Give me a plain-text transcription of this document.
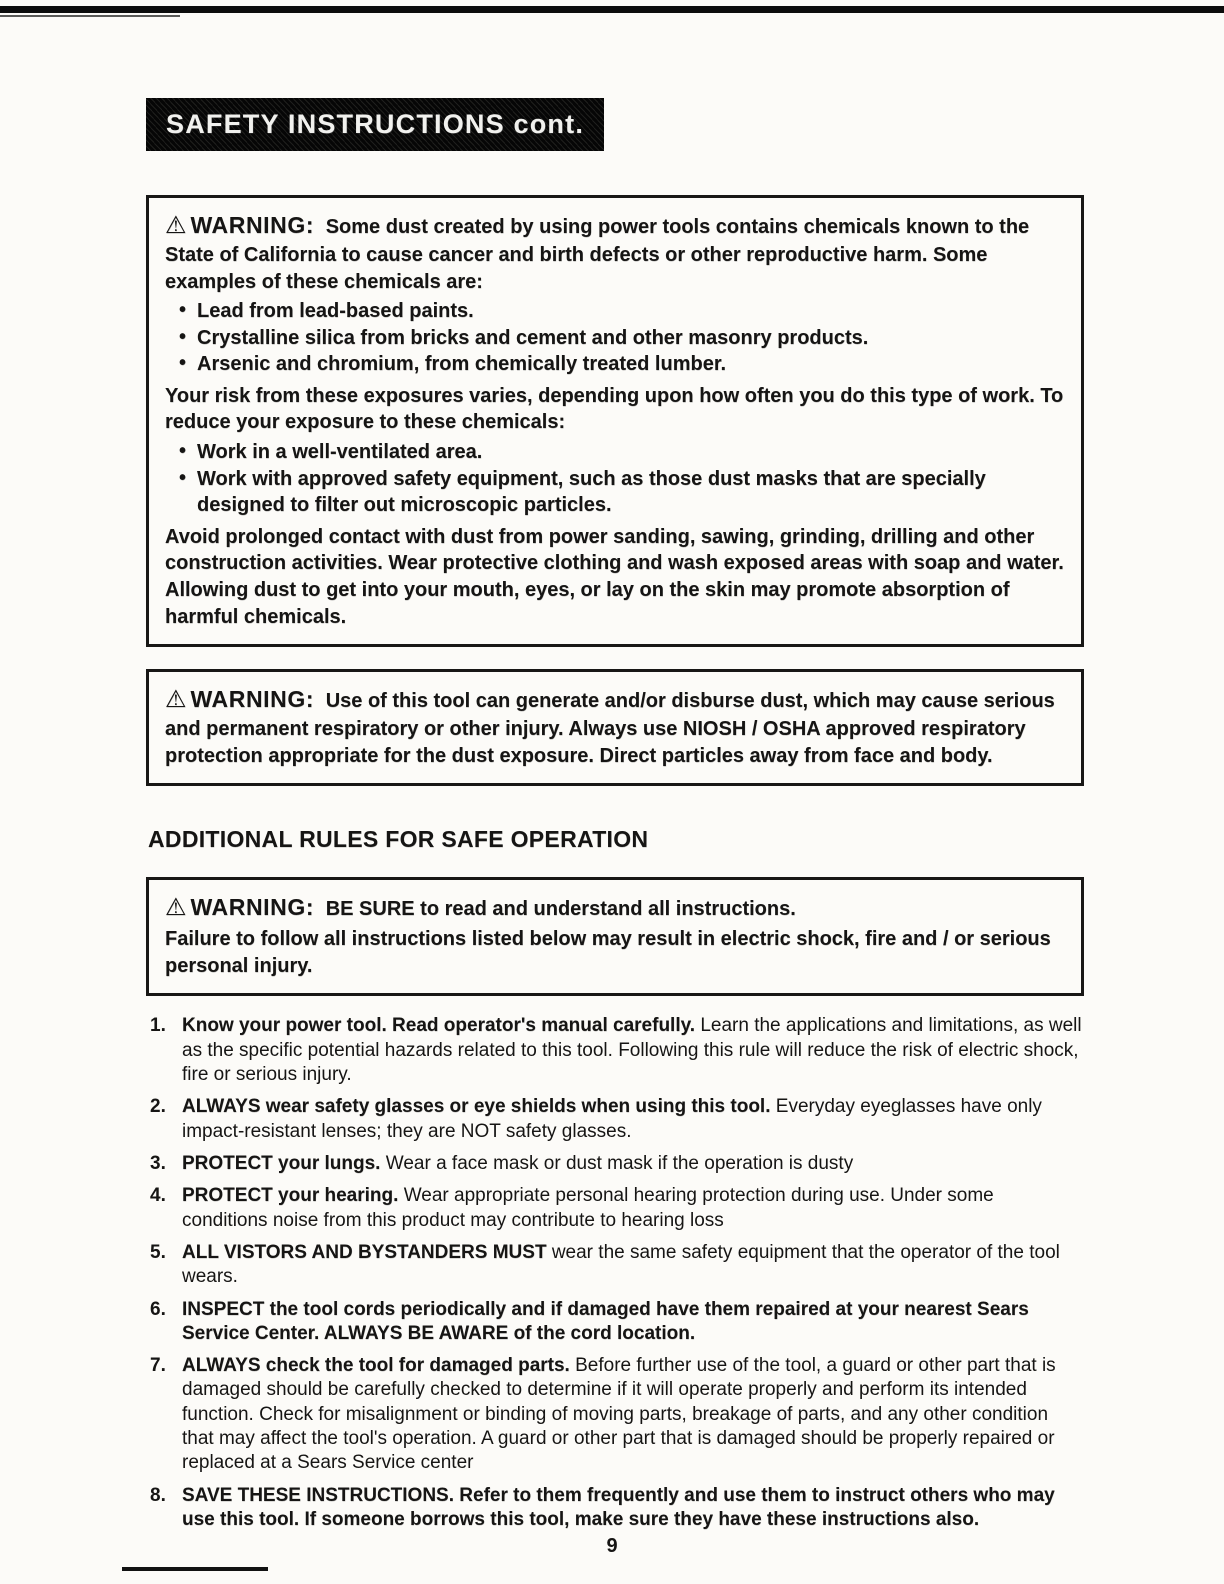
SAFETY INSTRUCTIONS cont.

⚠ WARNING: Some dust created by using power tools contains chemicals known to the State of California to cause cancer and birth defects or other reproductive harm. Some examples of these chemicals are:

• Lead from lead-based paints.
• Crystalline silica from bricks and cement and other masonry products.
• Arsenic and chromium, from chemically treated lumber.

Your risk from these exposures varies, depending upon how often you do this type of work. To reduce your exposure to these chemicals:

• Work in a well-ventilated area.
• Work with approved safety equipment, such as those dust masks that are specially designed to filter out microscopic particles.

Avoid prolonged contact with dust from power sanding, sawing, grinding, drilling and other construction activities. Wear protective clothing and wash exposed areas with soap and water. Allowing dust to get into your mouth, eyes, or lay on the skin may promote absorption of harmful chemicals.

⚠ WARNING: Use of this tool can generate and/or disburse dust, which may cause serious and permanent respiratory or other injury. Always use NIOSH / OSHA approved respiratory protection appropriate for the dust exposure. Direct particles away from face and body.

ADDITIONAL RULES FOR SAFE OPERATION

⚠ WARNING: BE SURE to read and understand all instructions.

Failure to follow all instructions listed below may result in electric shock, fire and / or serious personal injury.

1. Know your power tool. Read operator's manual carefully. Learn the applications and limitations, as well as the specific potential hazards related to this tool. Following this rule will reduce the risk of electric shock, fire or serious injury.
2. ALWAYS wear safety glasses or eye shields when using this tool. Everyday eyeglasses have only impact-resistant lenses; they are NOT safety glasses.
3. PROTECT your lungs. Wear a face mask or dust mask if the operation is dusty
4. PROTECT your hearing. Wear appropriate personal hearing protection during use. Under some conditions noise from this product may contribute to hearing loss
5. ALL VISTORS AND BYSTANDERS MUST wear the same safety equipment that the operator of the tool wears.
6. INSPECT the tool cords periodically and if damaged have them repaired at your nearest Sears Service Center. ALWAYS BE AWARE of the cord location.
7. ALWAYS check the tool for damaged parts. Before further use of the tool, a guard or other part that is damaged should be carefully checked to determine if it will operate properly and perform its intended function. Check for misalignment or binding of moving parts, breakage of parts, and any other condition that may affect the tool's operation. A guard or other part that is damaged should be properly repaired or replaced at a Sears Service center
8. SAVE THESE INSTRUCTIONS. Refer to them frequently and use them to instruct others who may use this tool. If someone borrows this tool, make sure they have these instructions also.
9
